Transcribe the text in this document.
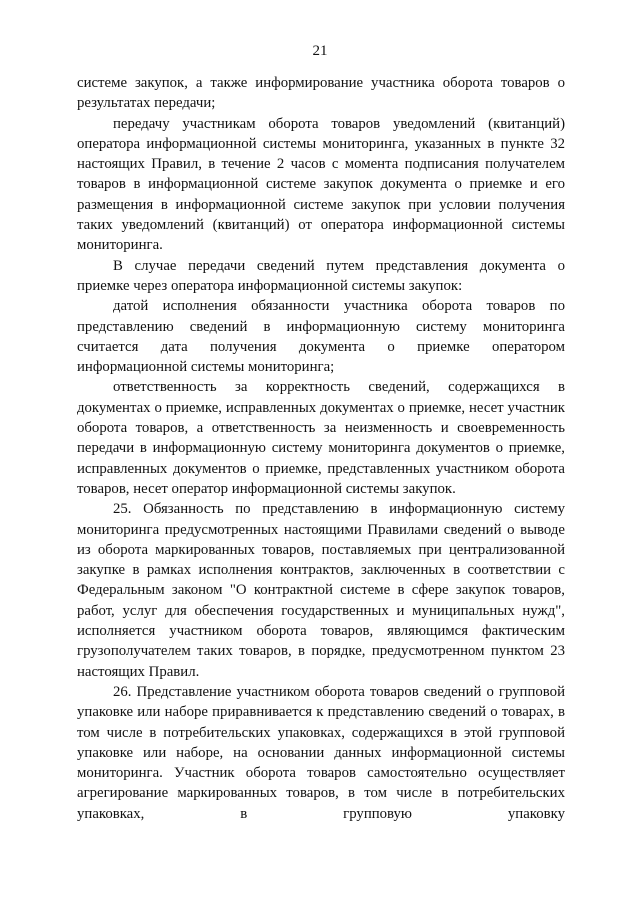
21

системе закупок, а также информирование участника оборота товаров о результатах передачи;

передачу участникам оборота товаров уведомлений (квитанций) оператора информационной системы мониторинга, указанных в пункте 32 настоящих Правил, в течение 2 часов с момента подписания получателем товаров в информационной системе закупок документа о приемке и его размещения в информационной системе закупок при условии получения таких уведомлений (квитанций) от оператора информационной системы мониторинга.

В случае передачи сведений путем представления документа о приемке через оператора информационной системы закупок:

датой исполнения обязанности участника оборота товаров по представлению сведений в информационную систему мониторинга считается дата получения документа о приемке оператором информационной системы мониторинга;

ответственность за корректность сведений, содержащихся в документах о приемке, исправленных документах о приемке, несет участник оборота товаров, а ответственность за неизменность и своевременность передачи в информационную систему мониторинга документов о приемке, исправленных документов о приемке, представленных участником оборота товаров, несет оператор информационной системы закупок.

25. Обязанность по представлению в информационную систему мониторинга предусмотренных настоящими Правилами сведений о выводе из оборота маркированных товаров, поставляемых при централизованной закупке в рамках исполнения контрактов, заключенных в соответствии с Федеральным законом "О контрактной системе в сфере закупок товаров, работ, услуг для обеспечения государственных и муниципальных нужд", исполняется участником оборота товаров, являющимся фактическим грузополучателем таких товаров, в порядке, предусмотренном пунктом 23 настоящих Правил.

26. Представление участником оборота товаров сведений о групповой упаковке или наборе приравнивается к представлению сведений о товарах, в том числе в потребительских упаковках, содержащихся в этой групповой упаковке или наборе, на основании данных информационной системы мониторинга. Участник оборота товаров самостоятельно осуществляет агрегирование маркированных товаров, в том числе в потребительских упаковках, в групповую упаковку
